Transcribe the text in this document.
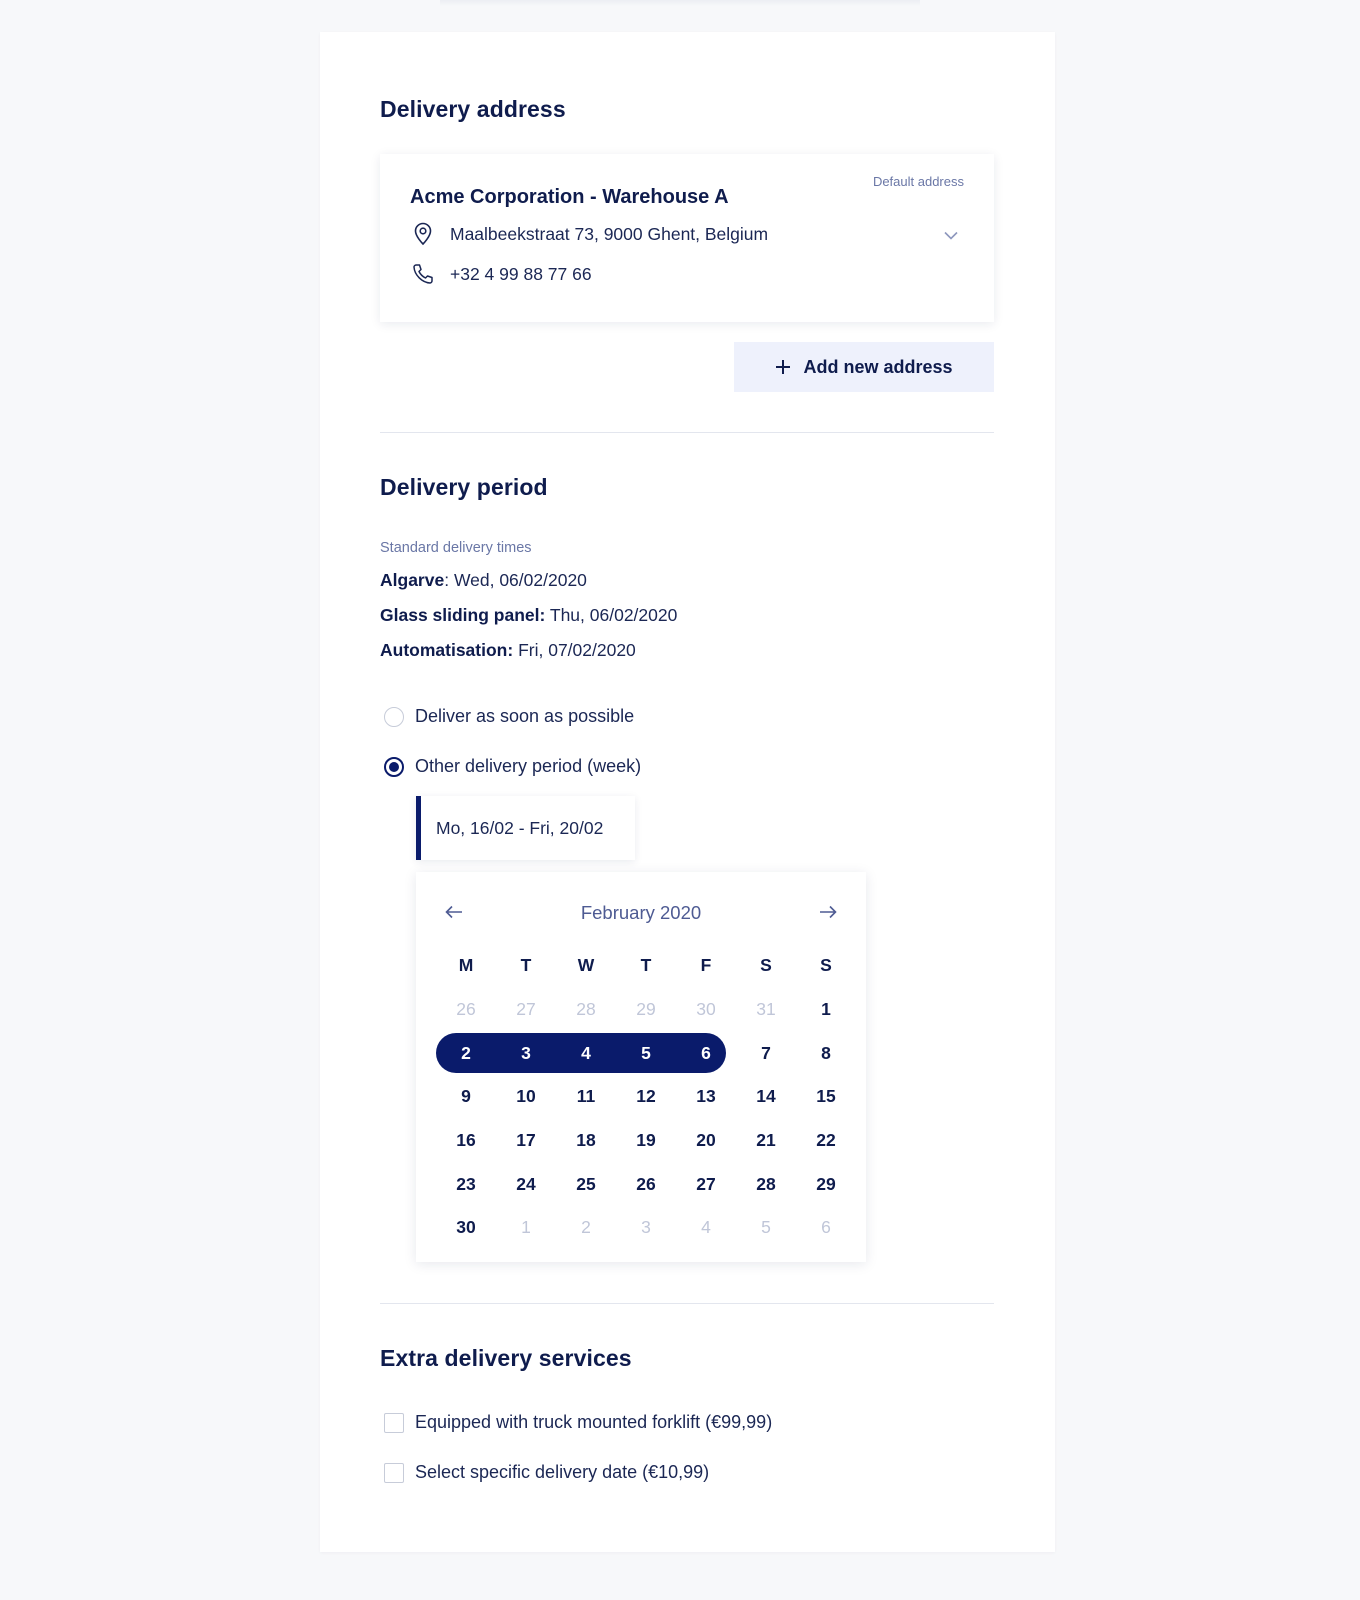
Delivery address
Default address
Acme Corporation - Warehouse A
Maalbeekstraat 73, 9000 Ghent, Belgium
+32 4 99 88 77 66
Add new address
Delivery period
Standard delivery times
Algarve: Wed, 06/02/2020
Glass sliding panel: Thu, 06/02/2020
Automatisation: Fri, 07/02/2020
Deliver as soon as possible
Other delivery period (week)
Mo, 16/02 - Fri, 20/02
February 2020
M	T	W	T	F	S	S
26	27	28	29	30	31	1
2	3	4	5	6	7	8
9	10	11	12	13	14	15
16	17	18	19	20	21	22
23	24	25	26	27	28	29
30	1	2	3	4	5	6
Extra delivery services
Equipped with truck mounted forklift (€99,99)
Select specific delivery date (€10,99)
